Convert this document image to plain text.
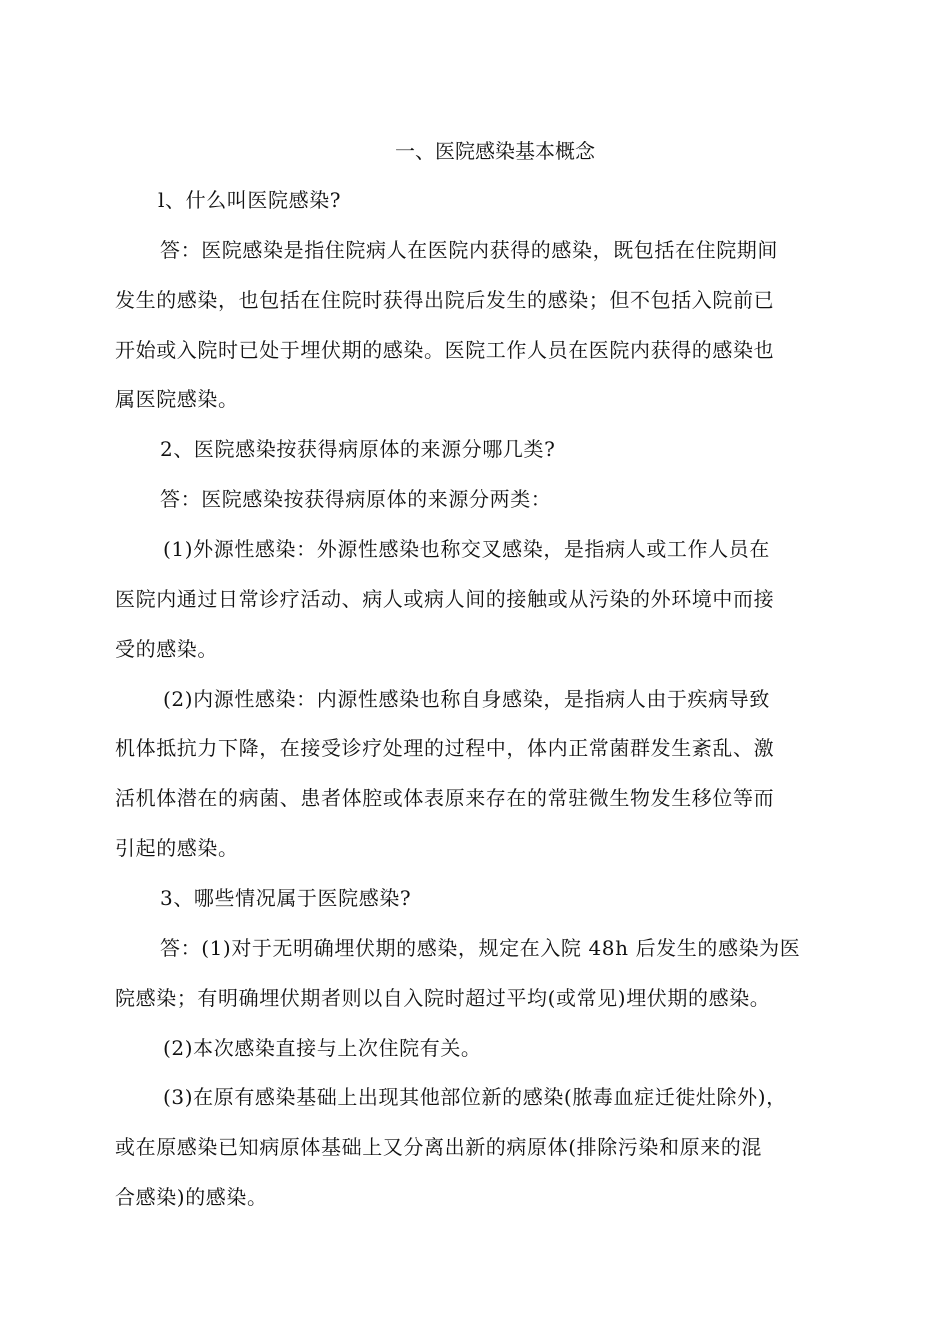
一、医院感染基本概念
l、什么叫医院感染?
答：医院感染是指住院病人在医院内获得的感染，既包括在住院期间
发生的感染，也包括在住院时获得出院后发生的感染；但不包括入院前已
开始或入院时已处于埋伏期的感染。医院工作人员在医院内获得的感染也
属医院感染。
2、医院感染按获得病原体的来源分哪几类?
答：医院感染按获得病原体的来源分两类：
(1)外源性感染：外源性感染也称交叉感染，是指病人或工作人员在
医院内通过日常诊疗活动、病人或病人间的接触或从污染的外环境中而接
受的感染。
(2)内源性感染：内源性感染也称自身感染，是指病人由于疾病导致
机体抵抗力下降，在接受诊疗处理的过程中，体内正常菌群发生紊乱、激
活机体潜在的病菌、患者体腔或体表原来存在的常驻微生物发生移位等而
引起的感染。
3、哪些情况属于医院感染?
答：(1)对于无明确埋伏期的感染，规定在入院 48h 后发生的感染为医
院感染；有明确埋伏期者则以自入院时超过平均(或常见)埋伏期的感染。
(2)本次感染直接与上次住院有关。
(3)在原有感染基础上出现其他部位新的感染(脓毒血症迁徙灶除外)，
或在原感染已知病原体基础上又分离出新的病原体(排除污染和原来的混
合感染)的感染。
